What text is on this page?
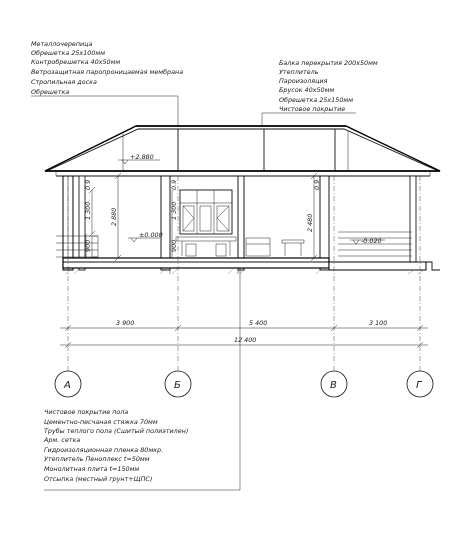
Металлочерепица
Обрешетка 25х100мм
Контробрешетка 40х50мм
Ветрозащитная паропроницаемая мембрана
Стропильная доска
Обрешетка
Балка перекрытия 200х50мм
Утеплитель
Пароизоляция
Брусок 40х50мм
Обрешетка 25х150мм
Чистовое покрытие
+2.880
±0.000
-0.020
2 880
1 300	1 300
900
900
0.9	0.9	0.9
2 480
3 900	5 400	3 100
12 400
А	Б	В	Г
Чистовое покрытие пола
Цементно-песчаная стяжка 70мм
Трубы теплого пола (Сшитый полиэтилен)
Арм. сетка
Гидроизоляционная пленка 80мкр.
Утеплитель Пеноплекс t=50мм
Монолитная плита t=150мм
Отсыпка (местный грунт+ЩПС)
